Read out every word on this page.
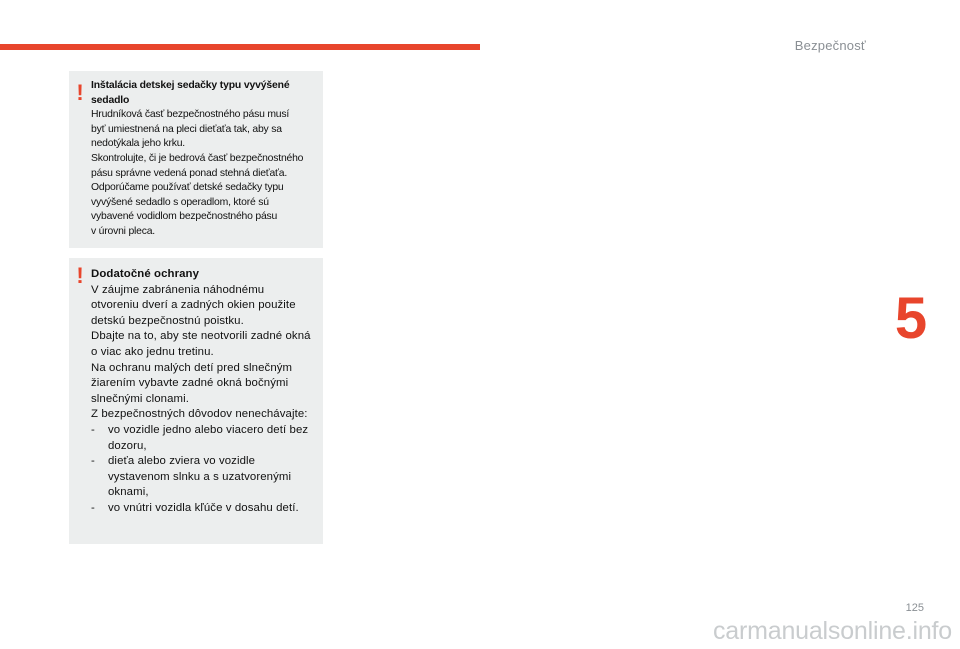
Bezpečnosť
5
! Inštalácia detskej sedačky typu vyvýšené
sedadlo
Hrudníková časť bezpečnostného pásu musí
byť umiestnená na pleci dieťaťa tak, aby sa
nedotýkala jeho krku.
Skontrolujte, či je bedrová časť bezpečnostného
pásu správne vedená ponad stehná dieťaťa.
Odporúčame používať detské sedačky typu
vyvýšené sedadlo s operadlom, ktoré sú
vybavené vodidlom bezpečnostného pásu
v úrovni pleca.
! Dodatočné ochrany
V záujme zabránenia náhodnému
otvoreniu dverí a zadných okien použite
detskú bezpečnostnú poistku.
Dbajte na to, aby ste neotvorili zadné okná
o viac ako jednu tretinu.
Na ochranu malých detí pred slnečným
žiarením vybavte zadné okná bočnými
slnečnými clonami.
Z bezpečnostných dôvodov nenechávajte:
- vo vozidle jedno alebo viacero detí bez
dozoru,
- dieťa alebo zviera vo vozidle
vystavenom slnku a s uzatvorenými
oknami,
- vo vnútri vozidla kľúče v dosahu detí.
125
carmanualsonline.info
